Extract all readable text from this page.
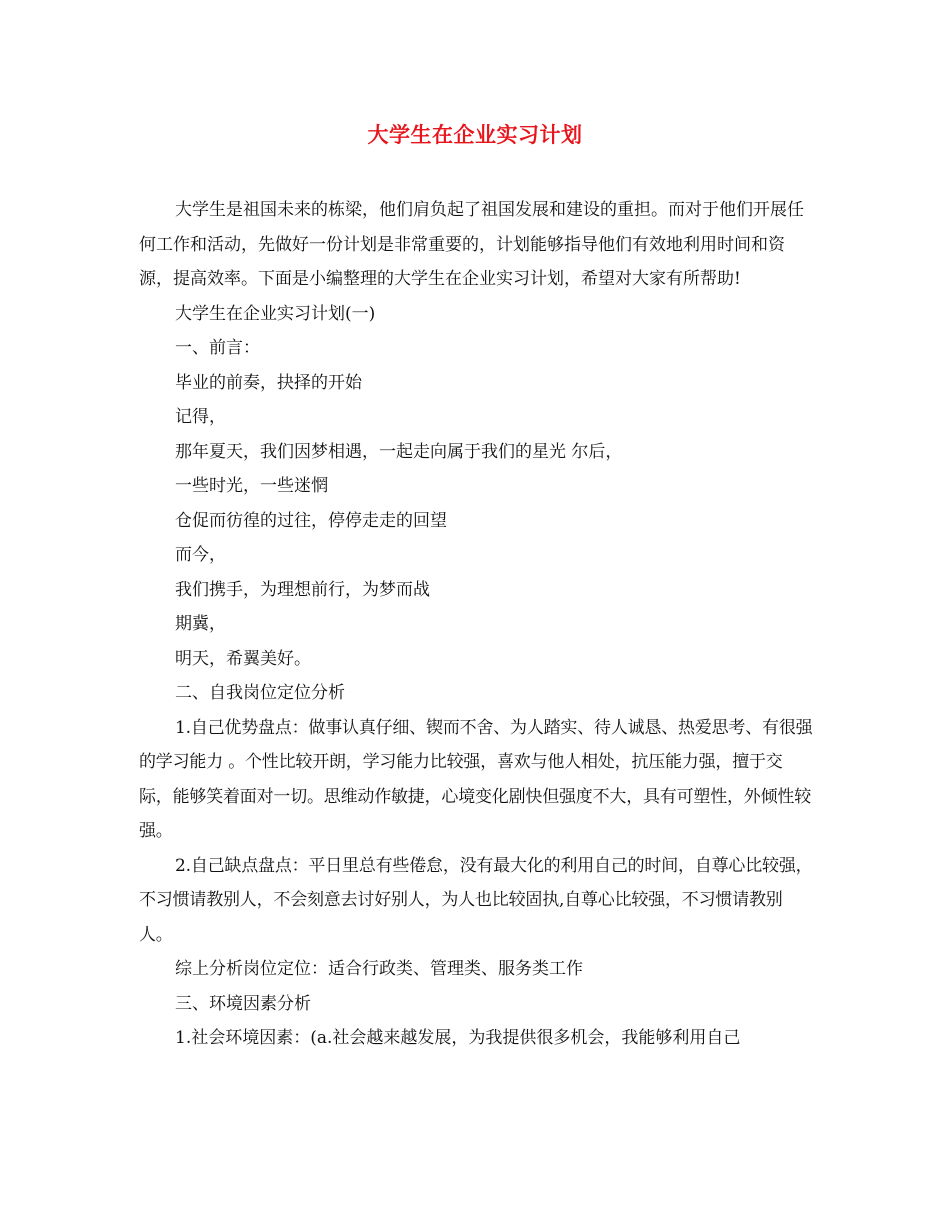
大学生在企业实习计划

大学生是祖国未来的栋梁，他们肩负起了祖国发展和建设的重担。而对于他们开展任何工作和活动，先做好一份计划是非常重要的，计划能够指导他们有效地利用时间和资源，提高效率。下面是小编整理的大学生在企业实习计划，希望对大家有所帮助!

大学生在企业实习计划(一)

一、前言：

毕业的前奏，抉择的开始

记得，

那年夏天，我们因梦相遇，一起走向属于我们的星光 尔后，

一些时光，一些迷惘

仓促而彷徨的过往，停停走走的回望

而今，

我们携手，为理想前行，为梦而战

期冀，

明天，希翼美好。

二、自我岗位定位分析

1.自己优势盘点：做事认真仔细、锲而不舍、为人踏实、待人诚恳、热爱思考、有很强的学习能力 。个性比较开朗，学习能力比较强，喜欢与他人相处，抗压能力强，擅于交际，能够笑着面对一切。思维动作敏捷，心境变化剧快但强度不大，具有可塑性，外倾性较强。

2.自己缺点盘点：平日里总有些倦怠，没有最大化的利用自己的时间，自尊心比较强，不习惯请教别人，不会刻意去讨好别人，为人也比较固执,自尊心比较强，不习惯请教别人。

综上分析岗位定位：适合行政类、管理类、服务类工作

三、环境因素分析

1.社会环境因素：(a.社会越来越发展，为我提供很多机会，我能够利用自己
